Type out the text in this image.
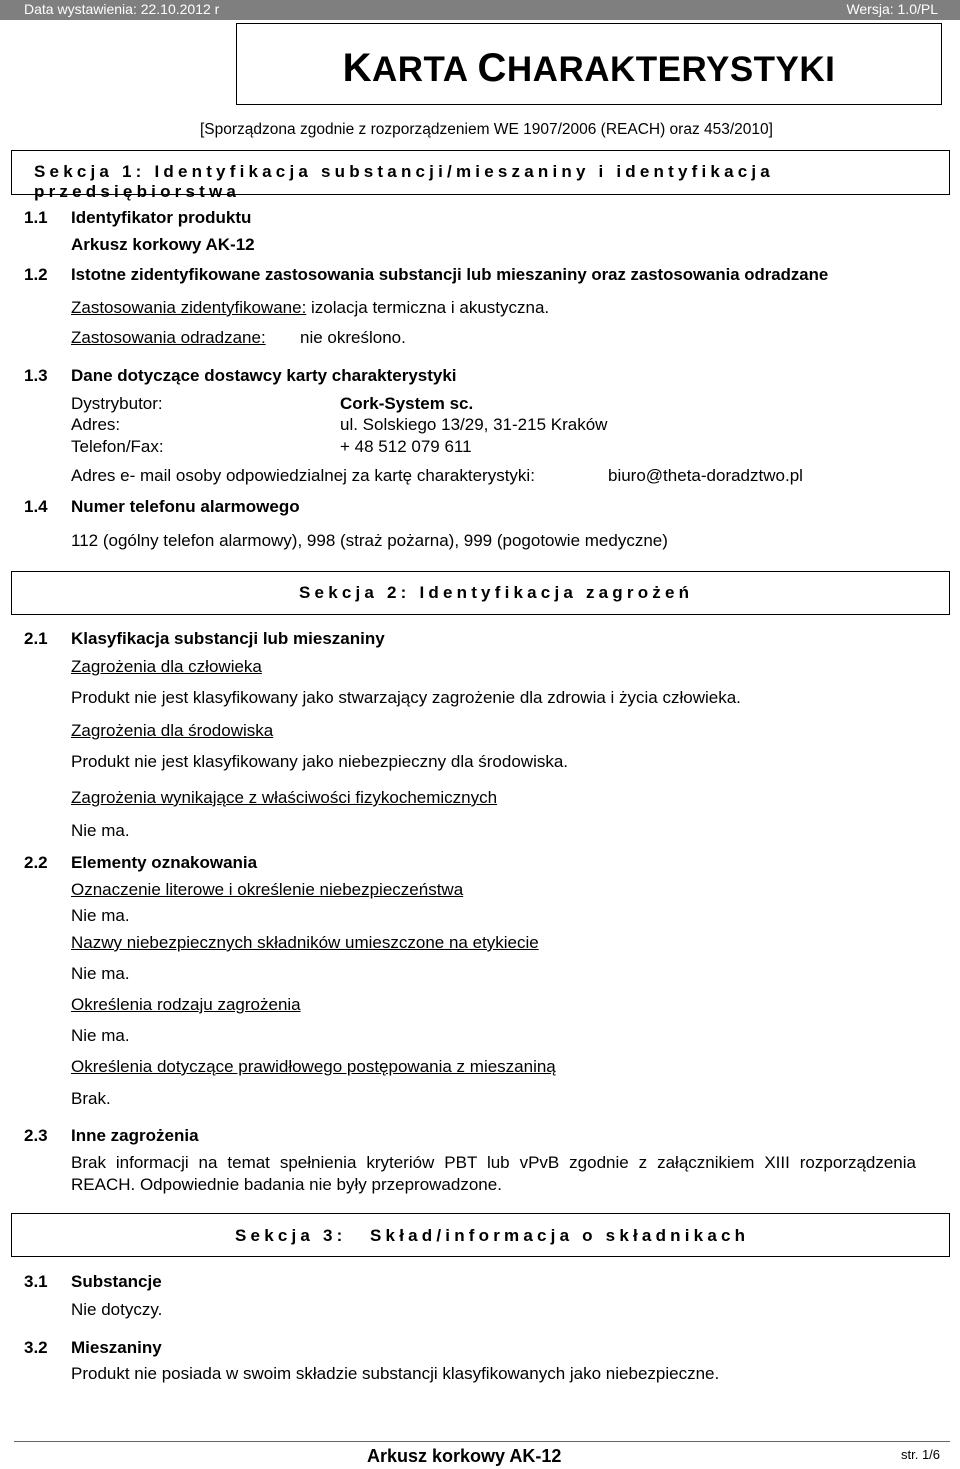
Data wystawienia: 22.10.2012 r	Wersja: 1.0/PL
KARTA CHARAKTERYSTYKI
[Sporządzona zgodnie z rozporządzeniem WE 1907/2006 (REACH) oraz 453/2010]
Sekcja 1: Identyfikacja substancji/mieszaniny i identyfikacja przedsiębiorstwa
1.1 Identyfikator produktu
Arkusz korkowy AK-12
1.2 Istotne zidentyfikowane zastosowania substancji lub mieszaniny oraz zastosowania odradzane
Zastosowania zidentyfikowane: izolacja termiczna i akustyczna.
Zastosowania odradzane: nie określono.
1.3 Dane dotyczące dostawcy karty charakterystyki
Dystrybutor:	Cork-System sc.
Adres:	ul. Solskiego 13/29, 31-215 Kraków
Telefon/Fax:	+ 48 512 079 611
Adres e- mail osoby odpowiedzialnej za kartę charakterystyki:	biuro@theta-doradztwo.pl
1.4 Numer telefonu alarmowego
112 (ogólny telefon alarmowy), 998 (straż pożarna), 999 (pogotowie medyczne)
Sekcja 2: Identyfikacja zagrożeń
2.1 Klasyfikacja substancji lub mieszaniny
Zagrożenia dla człowieka
Produkt nie jest klasyfikowany jako stwarzający zagrożenie dla zdrowia i życia człowieka.
Zagrożenia dla środowiska
Produkt nie jest klasyfikowany jako niebezpieczny dla środowiska.
Zagrożenia wynikające z właściwości fizykochemicznych
Nie ma.
2.2 Elementy oznakowania
Oznaczenie literowe i określenie niebezpieczeństwa
Nie ma.
Nazwy niebezpiecznych składników umieszczone na etykiecie
Nie ma.
Określenia rodzaju zagrożenia
Nie ma.
Określenia dotyczące prawidłowego postępowania z mieszaniną
Brak.
2.3 Inne zagrożenia
Brak informacji na temat spełnienia kryteriów PBT lub vPvB zgodnie z załącznikiem XIII rozporządzenia REACH. Odpowiednie badania nie były przeprowadzone.
Sekcja 3: Skład/informacja o składnikach
3.1 Substancje
Nie dotyczy.
3.2 Mieszaniny
Produkt nie posiada w swoim składzie substancji klasyfikowanych jako niebezpieczne.
Arkusz korkowy AK-12	str. 1/6
